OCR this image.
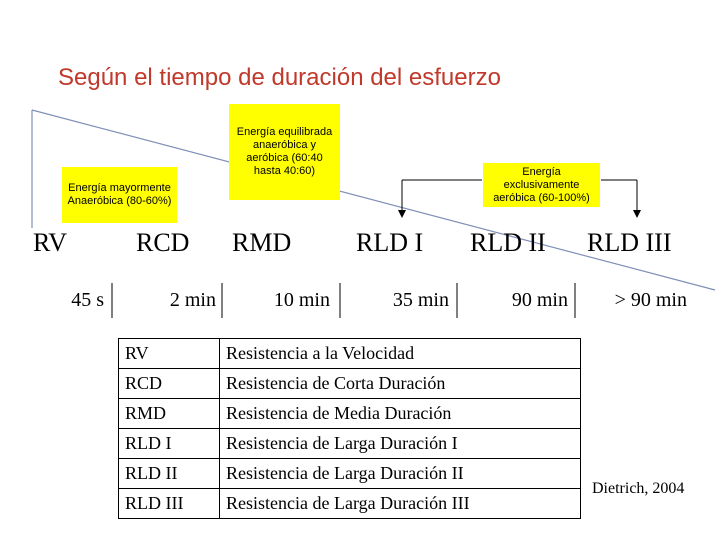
Según el tiempo de duración del esfuerzo
Energía mayormente Anaeróbica (80-60%)
Energía equilibrada anaeróbica y aeróbica (60:40 hasta 40:60)	Energía exclusivamente aeróbica (60-100%)
RV	RCD RMD RLD I RLD II RLD III
45 s	2 min	10 min	35 min	90 min	> 90 min
RV	Resistencia a la Velocidad
RCD	Resistencia de Corta Duración
RMD	Resistencia de Media Duración
RLD I	Resistencia de Larga Duración I
RLD II	Resistencia de Larga Duración II
RLD III	Resistencia de Larga Duración III
Dietrich, 2004
